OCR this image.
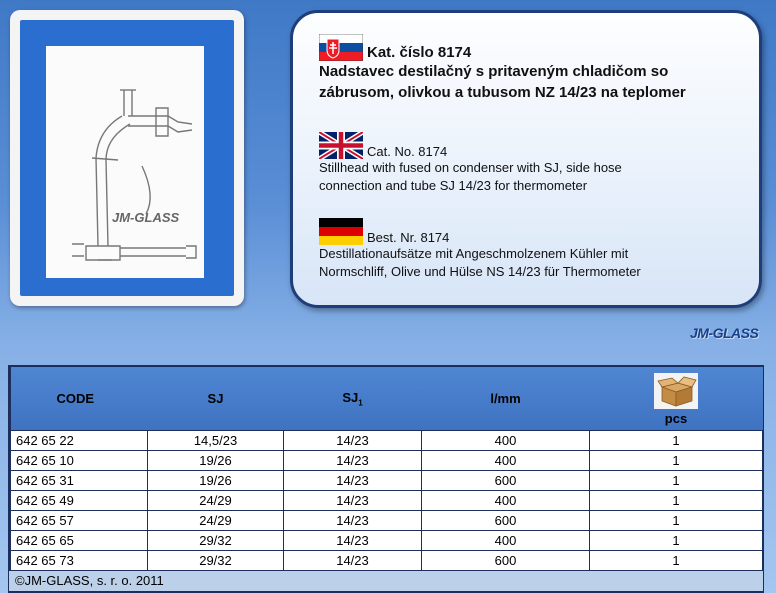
JM-GLASS
Kat. číslo 8174
Nadstavec destilačný s pritaveným chladičom so
zábrusom, olivkou a tubusom NZ 14/23 na teplomer
Cat. No. 8174
Stillhead with fused on condenser with SJ, side hose
connection and tube SJ 14/23 for thermometer
Best. Nr. 8174
Destillationaufsätze mit Angeschmolzenem Kühler mit
Normschliff, Olive und Hülse NS 14/23 für Thermometer
JM-GLASS
CODE	SJ	$SJ_1$	l/mm	pcs

642 65 22	14,5/23	14/23	400	1
642 65 10	19/26	14/23	400	1
642 65 31	19/26	14/23	600	1
642 65 49	24/29	14/23	400	1
642 65 57	24/29	14/23	600	1
642 65 65	29/32	14/23	400	1
642 65 73	29/32	14/23	600	1
©JM-GLASS, s. r. o. 2011
